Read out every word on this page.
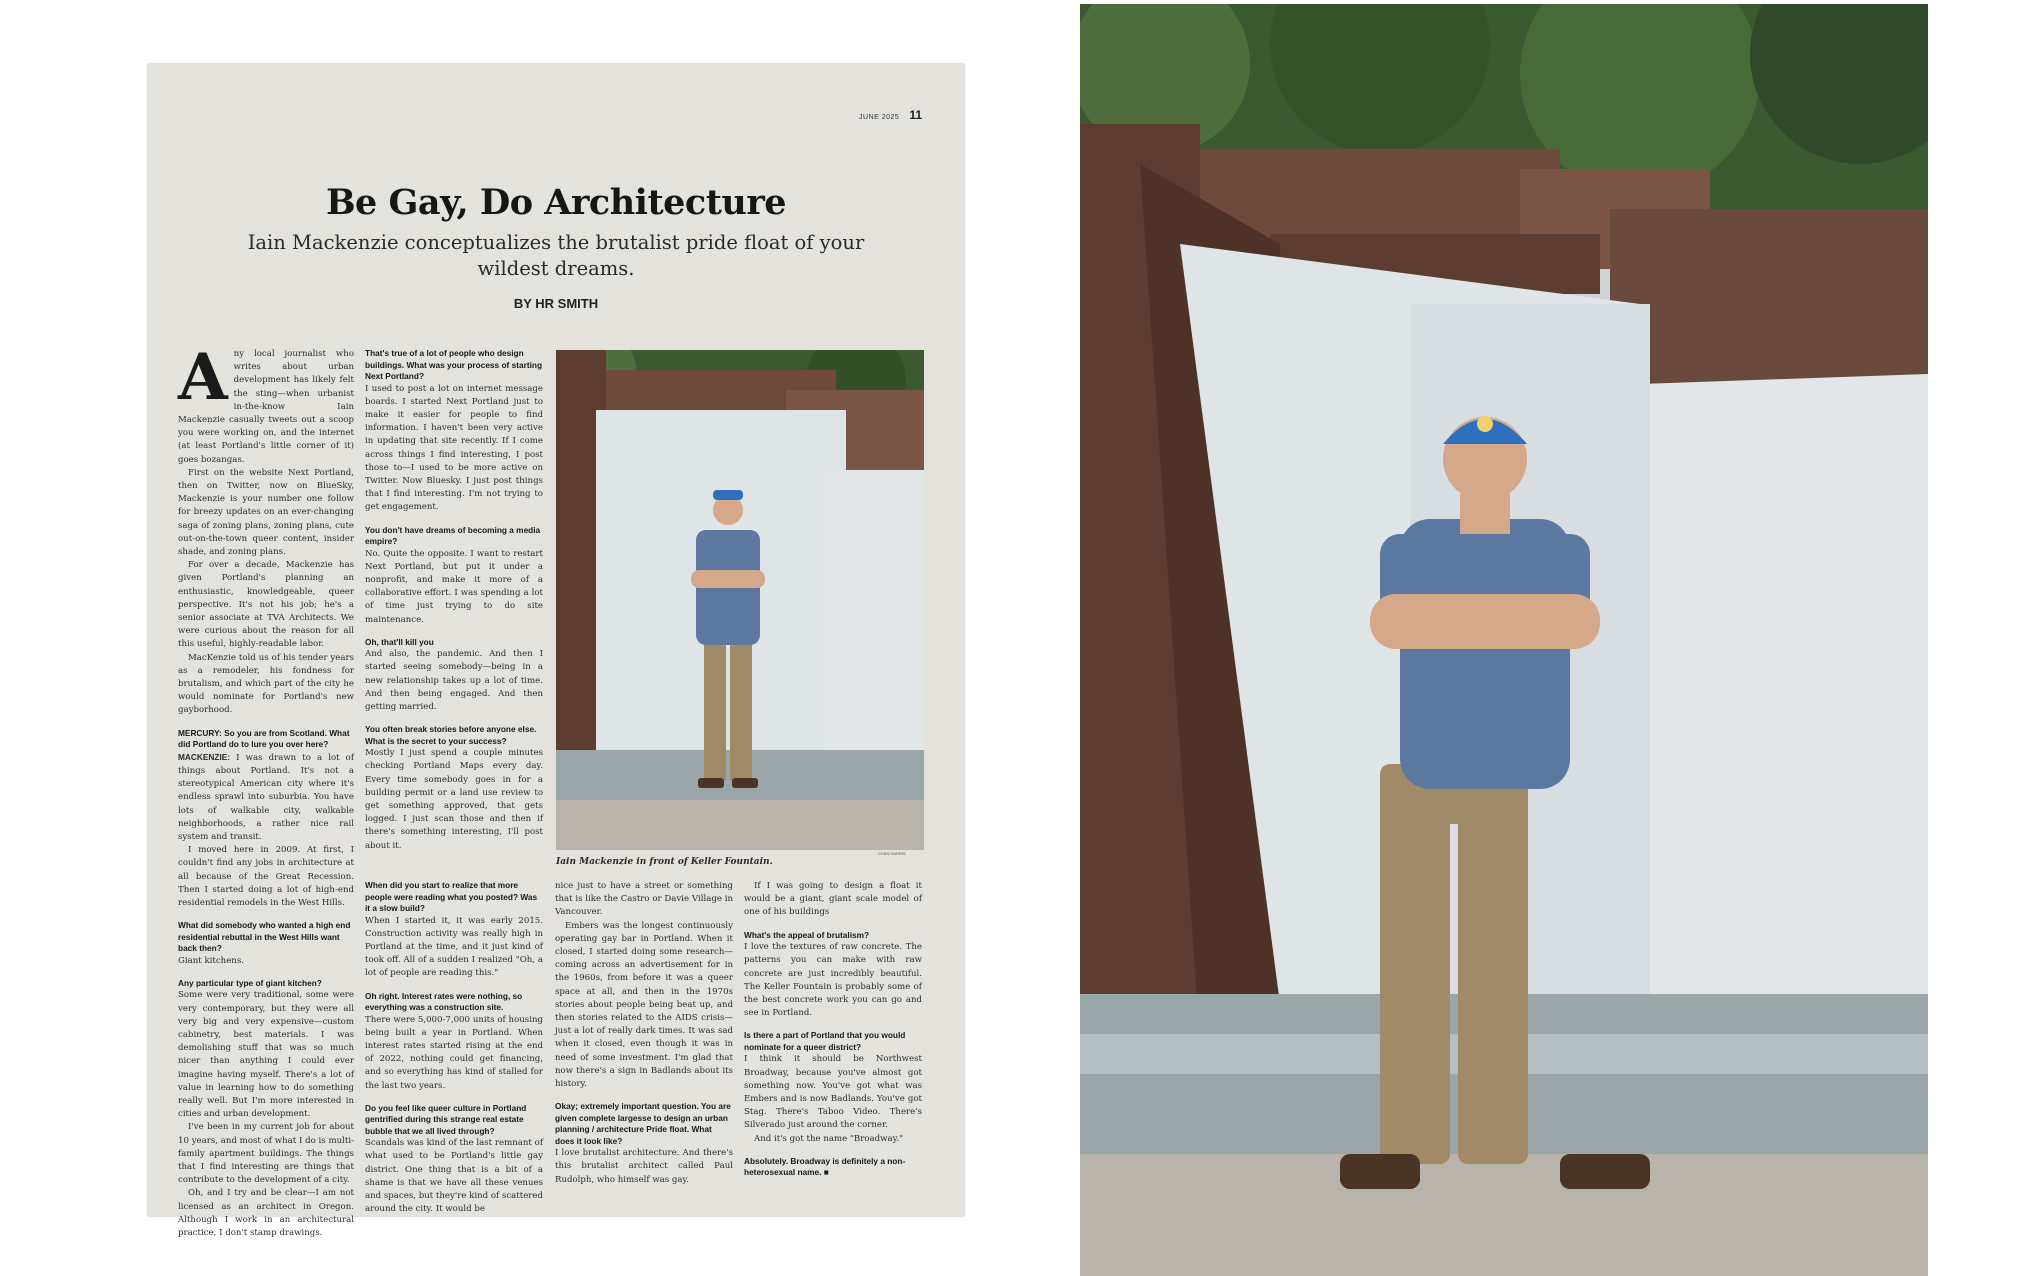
JUNE 2025 11
Be Gay, Do Architecture

Iain Mackenzie conceptualizes the brutalist pride float of your wildest dreams.

BY HR SMITH
A ny local journalist who writes about urban development has likely felt the sting—when urbanist in-the-know Iain Mackenzie casually tweets out a scoop you were working on, and the internet (at least Portland's little corner of it) goes bozangas.

First on the website Next Portland, then on Twitter, now on BlueSky, Mackenzie is your number one follow for breezy updates on an ever-changing saga of zoning plans, zoning plans, cute out-on-the-town queer content, insider shade, and zoning plans.

For over a decade, Mackenzie has given Portland's planning an enthusiastic, knowledgeable, queer perspective. It's not his job; he's a senior associate at TVA Architects. We were curious about the reason for all this useful, highly-readable labor.

MacKenzie told us of his tender years as a remodeler, his fondness for brutalism, and which part of the city he would nominate for Portland's new gayborhood.

MERCURY: So you are from Scotland. What did Portland do to lure you over here?

MACKENZIE: I was drawn to a lot of things about Portland. It's not a stereotypical American city where it's endless sprawl into suburbia. You have lots of walkable city, walkable neighborhoods, a rather nice rail system and transit.

I moved here in 2009. At first, I couldn't find any jobs in architecture at all because of the Great Recession. Then I started doing a lot of high-end residential remodels in the West Hills.

What did somebody who wanted a high end residential rebuttal in the West Hills want back then?

Giant kitchens.

Any particular type of giant kitchen?

Some were very traditional, some were very contemporary, but they were all very big and very expensive—custom cabinetry, best materials. I was demolishing stuff that was so much nicer than anything I could ever imagine having myself. There's a lot of value in learning how to do something really well. But I'm more interested in cities and urban development.

I've been in my current job for about 10 years, and most of what I do is multi-family apartment buildings. The things that I find interesting are things that contribute to the development of a city.

Oh, and I try and be clear—I am not licensed as an architect in Oregon. Although I work in an architectural practice, I don't stamp drawings.

That's true of a lot of people who design buildings. What was your process of starting Next Portland?

I used to post a lot on internet message boards. I started Next Portland just to make it easier for people to find information. I haven't been very active in updating that site recently. If I come across things I find interesting, I post those to—I used to be more active on Twitter. Now Bluesky. I just post things that I find interesting. I'm not trying to get engagement.

You don't have dreams of becoming a media empire?

No. Quite the opposite. I want to restart Next Portland, but put it under a nonprofit, and make it more of a collaborative effort. I was spending a lot of time just trying to do site maintenance.

Oh, that'll kill you

And also, the pandemic. And then I started seeing somebody—being in a new relationship takes up a lot of time. And then being engaged. And then getting married.

You often break stories before anyone else. What is the secret to your success?

Mostly I just spend a couple minutes checking Portland Maps every day. Every time somebody goes in for a building permit or a land use review to get something approved, that gets logged. I just scan those and then if there's something interesting, I'll post about it.

When did you start to realize that more people were reading what you posted? Was it a slow build?

When I started it, it was early 2015. Construction activity was really high in Portland at the time, and it just kind of took off. All of a sudden I realized "Oh, a lot of people are reading this."

Oh right. Interest rates were nothing, so everything was a construction site.

There were 5,000-7,000 units of housing being built a year in Portland. When interest rates started rising at the end of 2022, nothing could get financing, and so everything has kind of stalled for the last two years.

Do you feel like queer culture in Portland gentrified during this strange real estate bubble that we all lived through?

Scandals was kind of the last remnant of what used to be Portland's little gay district. One thing that is a bit of a shame is that we have all these venues and spaces, but they're kind of scattered around the city. It would be

CHAN HARRIS
Iain Mackenzie in front of Keller Fountain.

nice just to have a street or something that is like the Castro or Davie Village in Vancouver.

Embers was the longest continuously operating gay bar in Portland. When it closed, I started doing some research—coming across an advertisement for in the 1960s, from before it was a queer space at all, and then in the 1970s stories about people being beat up, and then stories related to the AIDS crisis—just a lot of really dark times. It was sad when it closed, even though it was in need of some investment. I'm glad that now there's a sign in Badlands about its history.

Okay; extremely important question. You are given complete largesse to design an urban planning / architecture Pride float. What does it look like?

I love brutalist architecture. And there's this brutalist architect called Paul Rudolph, who himself was gay.

If I was going to design a float it would be a giant, giant scale model of one of his buildings

What's the appeal of brutalism?

I love the textures of raw concrete. The patterns you can make with raw concrete are just incredibly beautiful. The Keller Fountain is probably some of the best concrete work you can go and see in Portland.

Is there a part of Portland that you would nominate for a queer district?

I think it should be Northwest Broadway, because you've almost got something now. You've got what was Embers and is now Badlands. You've got Stag. There's Taboo Video. There's Silverado just around the corner.

And it's got the name "Broadway."

Absolutely. Broadway is definitely a non-heterosexual name. ■
